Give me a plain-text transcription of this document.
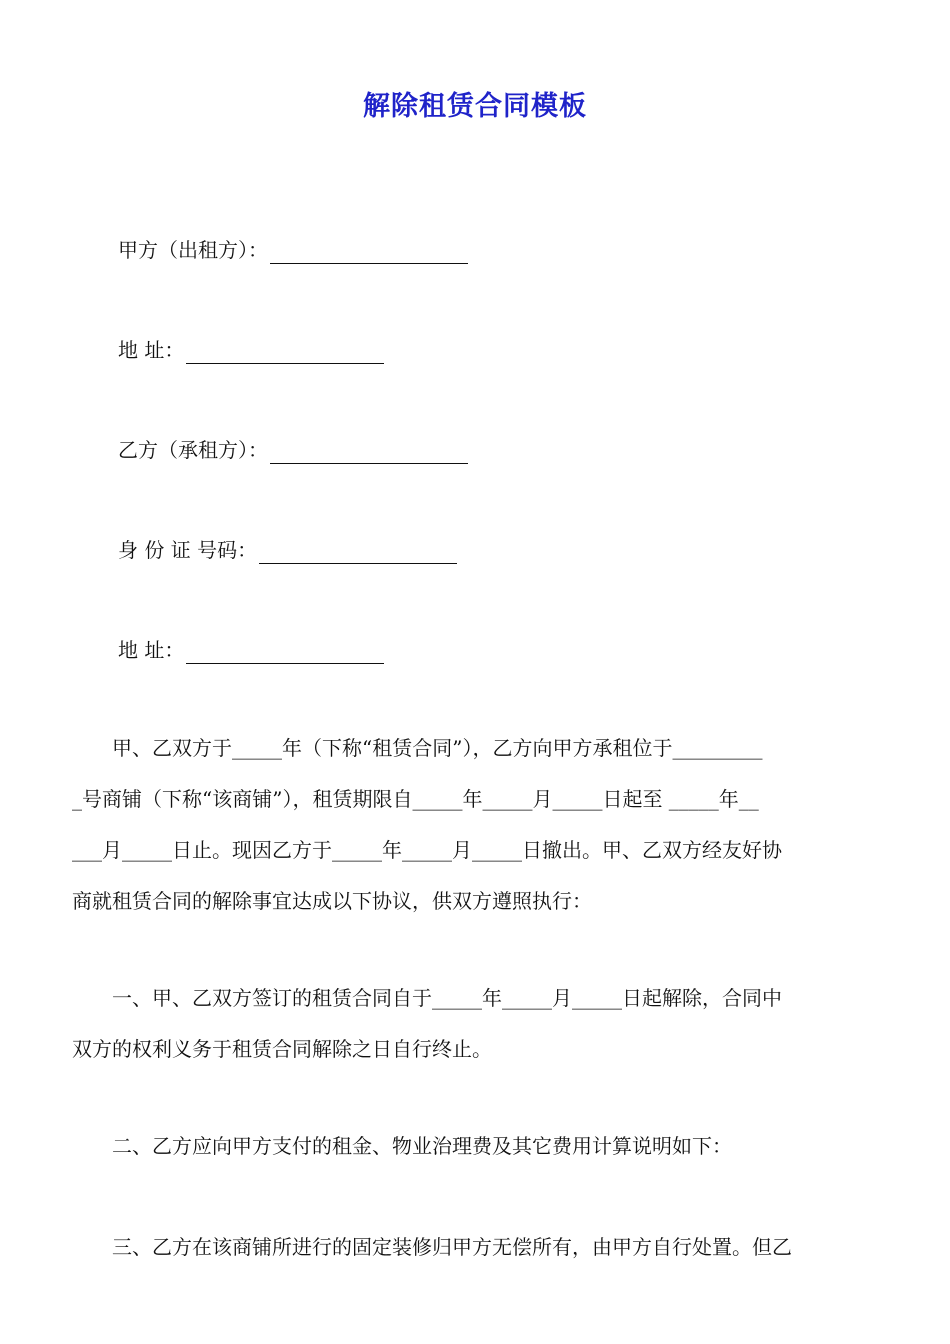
解除租赁合同模板
甲方（出租方）：
地 址：
乙方（承租方）：
身 份 证 号码：
地 址：
　　甲、乙双方于_____年（下称“租赁合同”），乙方向甲方承租位于_________
_号商铺（下称“该商铺”），租赁期限自_____年_____月_____日起至 _____年__
___月_____日止。现因乙方于_____年_____月_____日撤出。甲、乙双方经友好协
商就租赁合同的解除事宜达成以下协议，供双方遵照执行：
　　一、甲、乙双方签订的租赁合同自于_____年_____月_____日起解除，合同中
双方的权利义务于租赁合同解除之日自行终止。
　　二、乙方应向甲方支付的租金、物业治理费及其它费用计算说明如下：
　　三、乙方在该商铺所进行的固定装修归甲方无偿所有，由甲方自行处置。但乙
